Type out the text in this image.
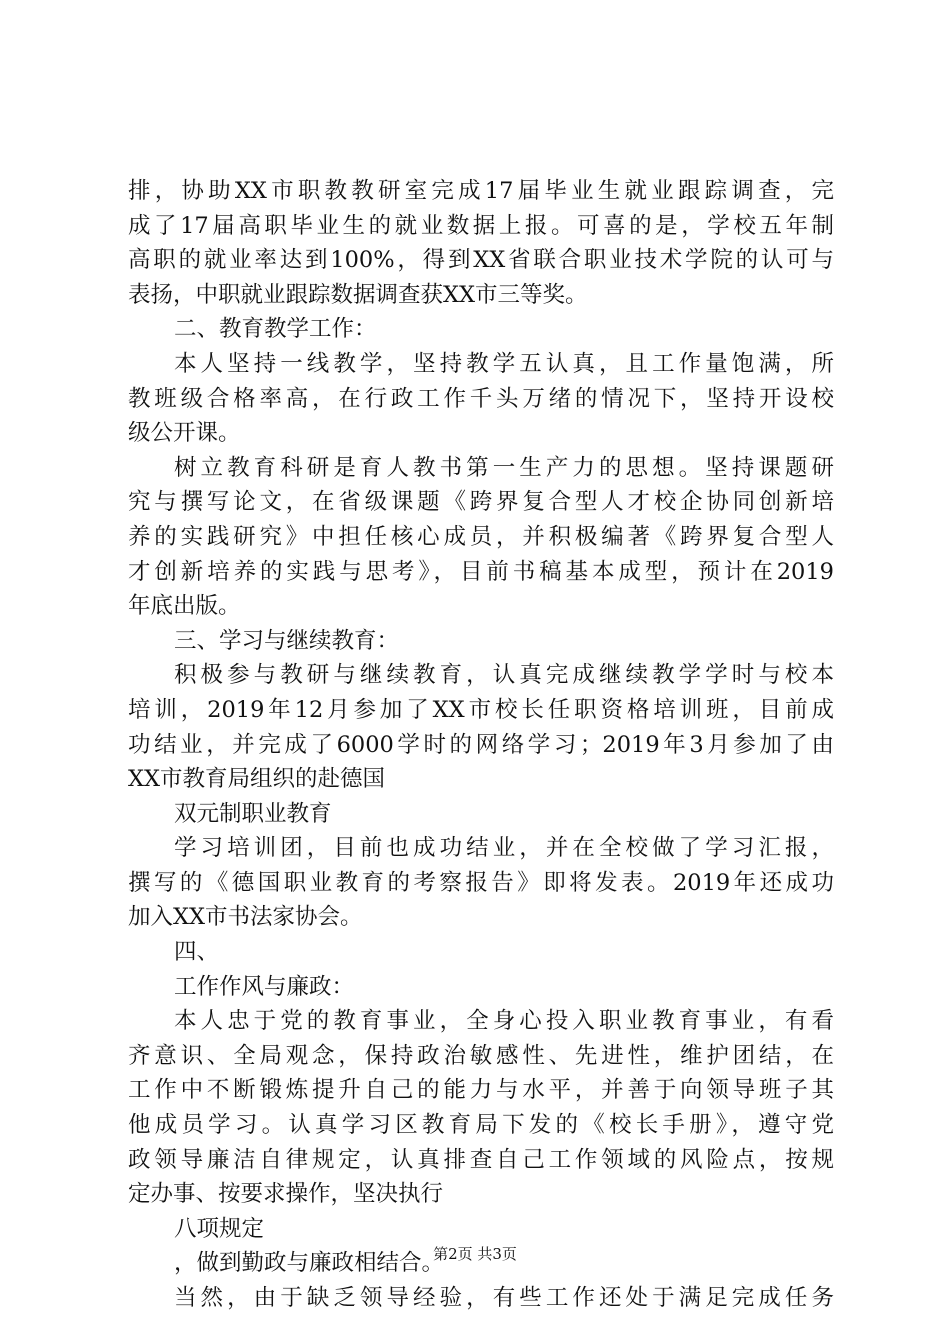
排，协助XX市职教教研室完成17届毕业生就业跟踪调查，完
成了17届高职毕业生的就业数据上报。可喜的是，学校五年制
高职的就业率达到100%，得到XX省联合职业技术学院的认可与
表扬，中职就业跟踪数据调查获XX市三等奖。
二、教育教学工作：
本人坚持一线教学，坚持教学五认真，且工作量饱满，所
教班级合格率高，在行政工作千头万绪的情况下，坚持开设校
级公开课。
树立教育科研是育人教书第一生产力的思想。坚持课题研
究与撰写论文，在省级课题《跨界复合型人才校企协同创新培
养的实践研究》中担任核心成员，并积极编著《跨界复合型人
才创新培养的实践与思考》，目前书稿基本成型，预计在2019
年底出版。
三、学习与继续教育：
积极参与教研与继续教育，认真完成继续教学学时与校本
培训，2019年12月参加了XX市校长任职资格培训班，目前成
功结业，并完成了6000学时的网络学习；2019年3月参加了由
XX市教育局组织的赴德国
双元制职业教育
学习培训团，目前也成功结业，并在全校做了学习汇报，
撰写的《德国职业教育的考察报告》即将发表。2019年还成功
加入XX市书法家协会。
四、
工作作风与廉政：
本人忠于党的教育事业，全身心投入职业教育事业，有看
齐意识、全局观念，保持政治敏感性、先进性，维护团结，在
工作中不断锻炼提升自己的能力与水平，并善于向领导班子其
他成员学习。认真学习区教育局下发的《校长手册》，遵守党
政领导廉洁自律规定，认真排查自己工作领域的风险点，按规
定办事、按要求操作，坚决执行
八项规定
，做到勤政与廉政相结合。
当然，由于缺乏领导经验，有些工作还处于满足完成任务
第2页 共3页
